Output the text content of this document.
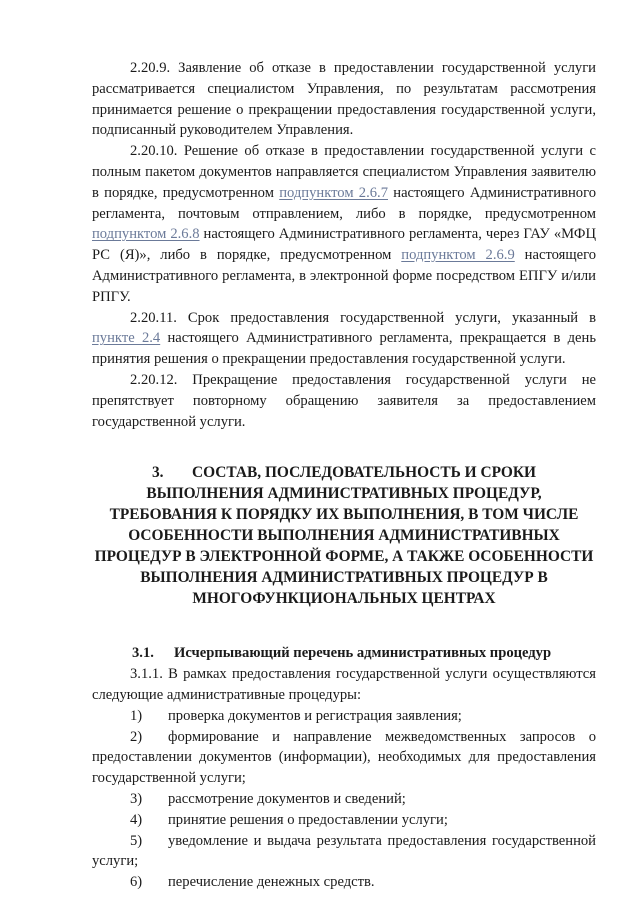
2.20.9. Заявление об отказе в предоставлении государственной услуги рассматривается специалистом Управления, по результатам рассмотрения принимается решение о прекращении предоставления государственной услуги, подписанный руководителем Управления.

2.20.10. Решение об отказе в предоставлении государственной услуги с полным пакетом документов направляется специалистом Управления заявителю в порядке, предусмотренном подпунктом 2.6.7 настоящего Административного регламента, почтовым отправлением, либо в порядке, предусмотренном подпунктом 2.6.8 настоящего Административного регламента, через ГАУ «МФЦ РС (Я)», либо в порядке, предусмотренном подпунктом 2.6.9 настоящего Административного регламента, в электронной форме посредством ЕПГУ и/или РПГУ.

2.20.11. Срок предоставления государственной услуги, указанный в пункте 2.4 настоящего Административного регламента, прекращается в день принятия решения о прекращении предоставления государственной услуги.

2.20.12. Прекращение предоставления государственной услуги не препятствует повторному обращению заявителя за предоставлением государственной услуги.

3. СОСТАВ, ПОСЛЕДОВАТЕЛЬНОСТЬ И СРОКИ ВЫПОЛНЕНИЯ АДМИНИСТРАТИВНЫХ ПРОЦЕДУР, ТРЕБОВАНИЯ К ПОРЯДКУ ИХ ВЫПОЛНЕНИЯ, В ТОМ ЧИСЛЕ ОСОБЕННОСТИ ВЫПОЛНЕНИЯ АДМИНИСТРАТИВНЫХ ПРОЦЕДУР В ЭЛЕКТРОННОЙ ФОРМЕ, А ТАКЖЕ ОСОБЕННОСТИ ВЫПОЛНЕНИЯ АДМИНИСТРАТИВНЫХ ПРОЦЕДУР В МНОГОФУНКЦИОНАЛЬНЫХ ЦЕНТРАХ
3.1. Исчерпывающий перечень административных процедур

3.1.1. В рамках предоставления государственной услуги осуществляются следующие административные процедуры:

1) проверка документов и регистрация заявления;

2) формирование и направление межведомственных запросов о предоставлении документов (информации), необходимых для предоставления государственной услуги;

3) рассмотрение документов и сведений;

4) принятие решения о предоставлении услуги;

5) уведомление и выдача результата предоставления государственной услуги;

6) перечисление денежных средств.
